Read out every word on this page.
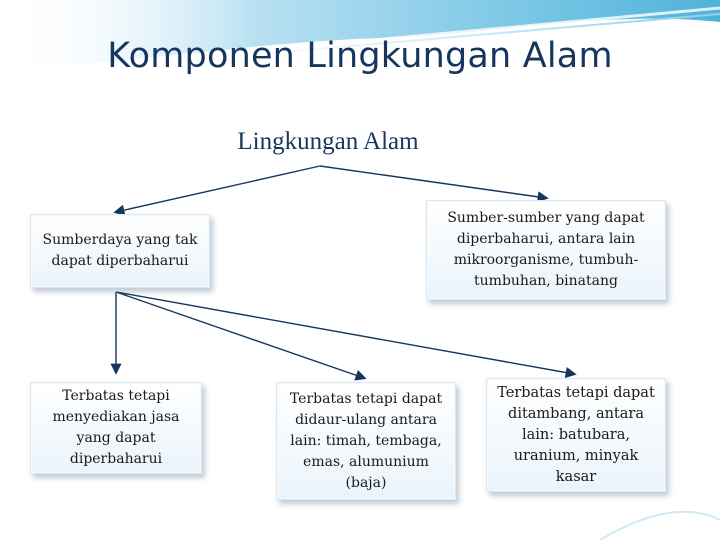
Komponen Lingkungan Alam
Lingkungan Alam
Sumberdaya yang tak dapat diperbaharui
Sumber-sumber yang dapat diperbaharui, antara lain mikroorganisme, tumbuh-tumbuhan, binatang
Terbatas tetapi menyediakan jasa yang dapat diperbaharui
Terbatas tetapi dapat didaur-ulang antara lain: timah, tembaga, emas, alumunium (baja)
Terbatas tetapi dapat ditambang, antara lain: batubara, uranium, minyak kasar
